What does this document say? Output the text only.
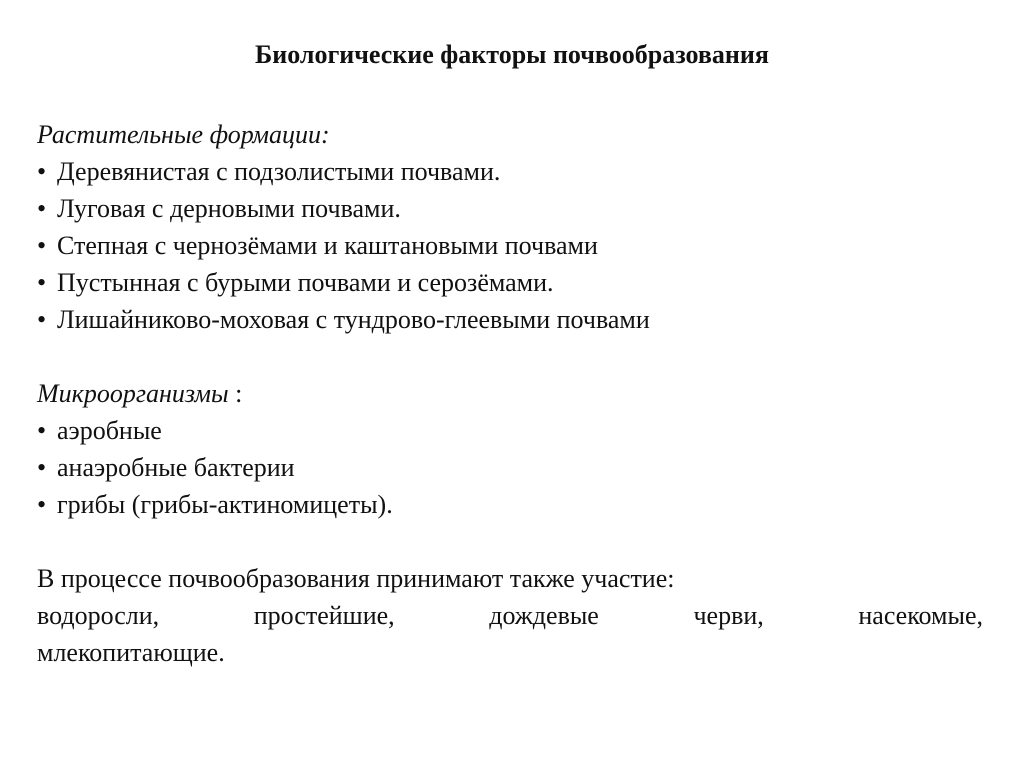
Биологические факторы почвообразования
Растительные формации:
• Деревянистая с подзолистыми почвами.
• Луговая с дерновыми почвами.
• Степная с чернозёмами и каштановыми почвами
• Пустынная с бурыми почвами и серозёмами.
• Лишайниково-моховая с тундрово-глеевыми почвами
Микроорганизмы :
• аэробные
• анаэробные бактерии
• грибы (грибы-актиномицеты).
В процессе почвообразования принимают также участие:
водоросли,	простейшие,	дождевые	черви,	насекомые,
млекопитающие.
